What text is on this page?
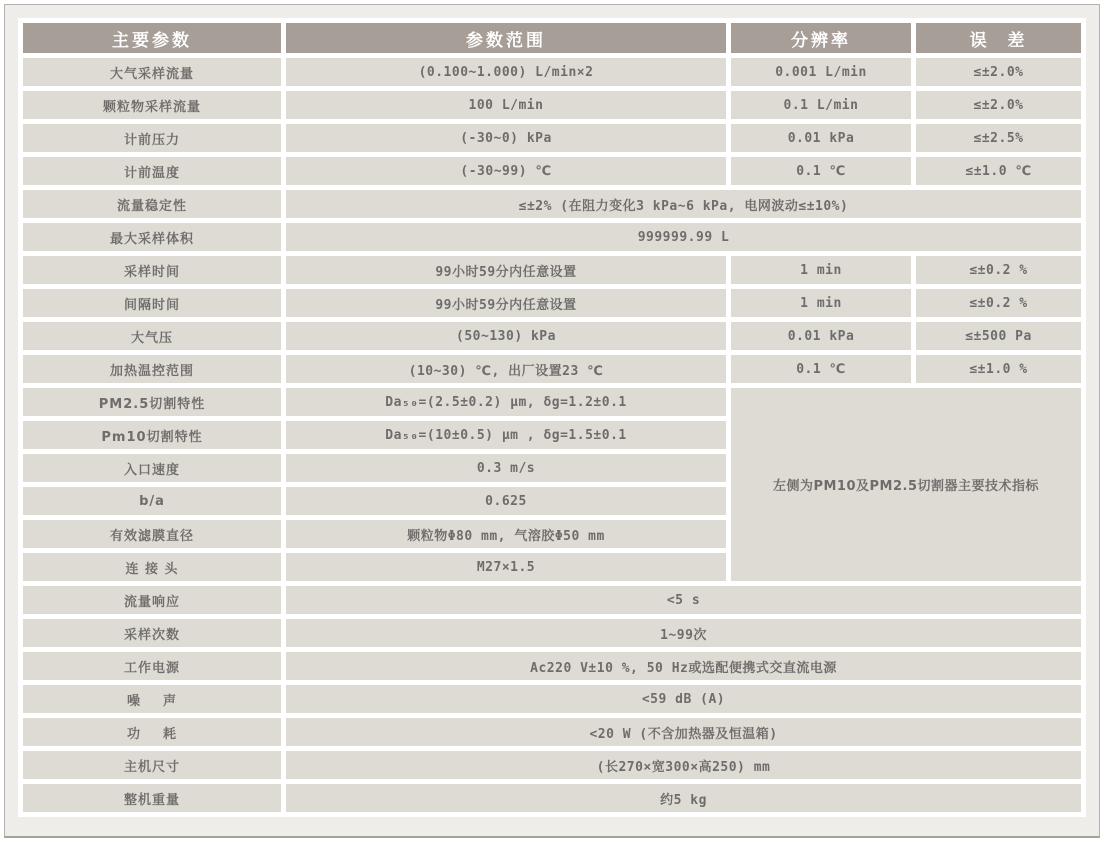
主要参数	参数范围	分辨率	误  差
大气采样流量	(0.100~1.000) L/min×2	0.001 L/min	≤±2.0%
颗粒物采样流量	100 L/min	0.1 L/min	≤±2.0%
计前压力	(-30~0) kPa	0.01 kPa	≤±2.5%
计前温度	(-30~99) ℃	0.1 ℃	≤±1.0 ℃
流量稳定性	≤±2% (在阻力变化3 kPa~6 kPa, 电网波动≤±10%)		
最大采样体积	999999.99 L		
采样时间	99小时59分内任意设置	1 min	≤±0.2 %
间隔时间	99小时59分内任意设置	1 min	≤±0.2 %
大气压	(50~130) kPa	0.01 kPa	≤±500 Pa
加热温控范围	(10~30) ℃, 出厂设置23 ℃	0.1 ℃	≤±1.0 %
PM2.5切割特性	Da₅₀=(2.5±0.2) μm, δg=1.2±0.1	左侧为PM10及PM2.5切割器主要技术指标	
Pm10切割特性	Da₅₀=(10±0.5) μm , δg=1.5±0.1		
入口速度	0.3 m/s		
b/a	0.625		
有效滤膜直径	颗粒物Φ80 mm, 气溶胶Φ50 mm		
连 接 头	M27×1.5		
流量响应	<5 s		
采样次数	1~99次		
工作电源	Ac220 V±10 %, 50 Hz或选配便携式交直流电源		
噪    声	<59 dB (A)		
功    耗	<20 W (不含加热器及恒温箱)		
主机尺寸	(长270×宽300×高250) mm		
整机重量	约5 kg		
